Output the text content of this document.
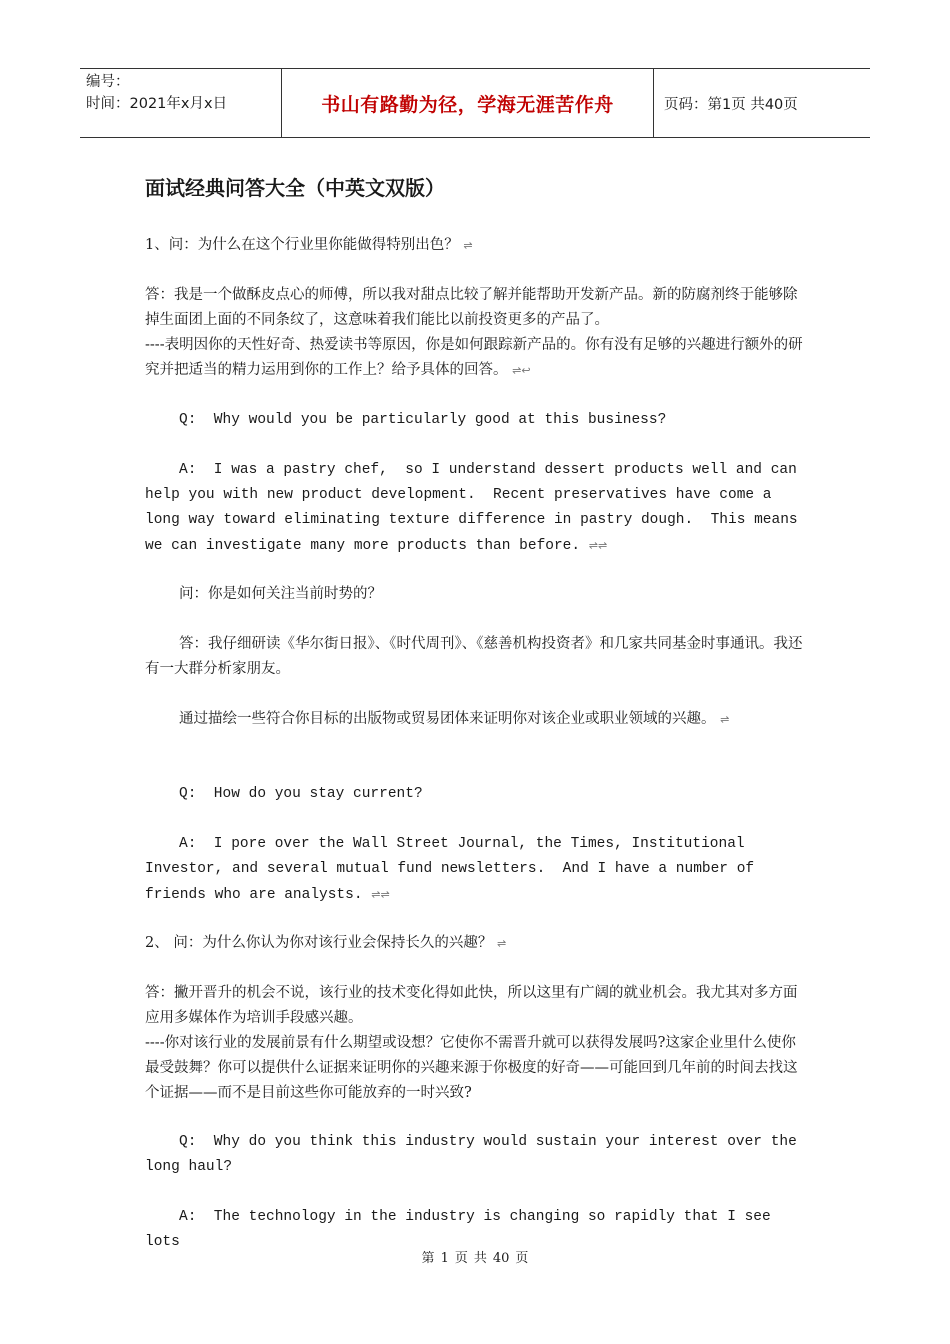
编号：
时间：2021年x月x日	书山有路勤为径，学海无涯苦作舟	页码：第1页 共40页
面试经典问答大全（中英文双版）
1、问：为什么在这个行业里你能做得特别出色？ ⇌
答：我是一个做酥皮点心的师傅，所以我对甜点比较了解并能帮助开发新产品。新的防腐剂终于能够除掉生面团上面的不同条纹了，这意味着我们能比以前投资更多的产品了。
----表明因你的天性好奇、热爱读书等原因，你是如何跟踪新产品的。你有没有足够的兴趣进行额外的研究并把适当的精力运用到你的工作上？给予具体的回答。 ⇌↩
Q:  Why would you be particularly good at this business?
A:  I was a pastry chef,  so I understand dessert products well and can help you with new product development.  Recent preservatives have come a long way toward eliminating texture difference in pastry dough.  This means we can investigate many more products than before. ⇌⇌
问：你是如何关注当前时势的？
答：我仔细研读《华尔街日报》、《时代周刊》、《慈善机构投资者》和几家共同基金时事通讯。我还有一大群分析家朋友。
通过描绘一些符合你目标的出版物或贸易团体来证明你对该企业或职业领域的兴趣。 ⇌
Q:  How do you stay current?
A:  I pore over the Wall Street Journal, the Times, Institutional Investor, and several mutual fund newsletters.  And I have a number of friends who are analysts. ⇌⇌
2、 问：为什么你认为你对该行业会保持长久的兴趣？ ⇌
答：撇开晋升的机会不说，该行业的技术变化得如此快，所以这里有广阔的就业机会。我尤其对多方面应用多媒体作为培训手段感兴趣。
----你对该行业的发展前景有什么期望或设想？它使你不需晋升就可以获得发展吗?这家企业里什么使你最受鼓舞？你可以提供什么证据来证明你的兴趣来源于你极度的好奇——可能回到几年前的时间去找这个证据——而不是目前这些你可能放弃的一时兴致?
Q:  Why do you think this industry would sustain your interest over the long haul?
A:  The technology in the industry is changing so rapidly that I see lots
第 1 页 共 40 页
